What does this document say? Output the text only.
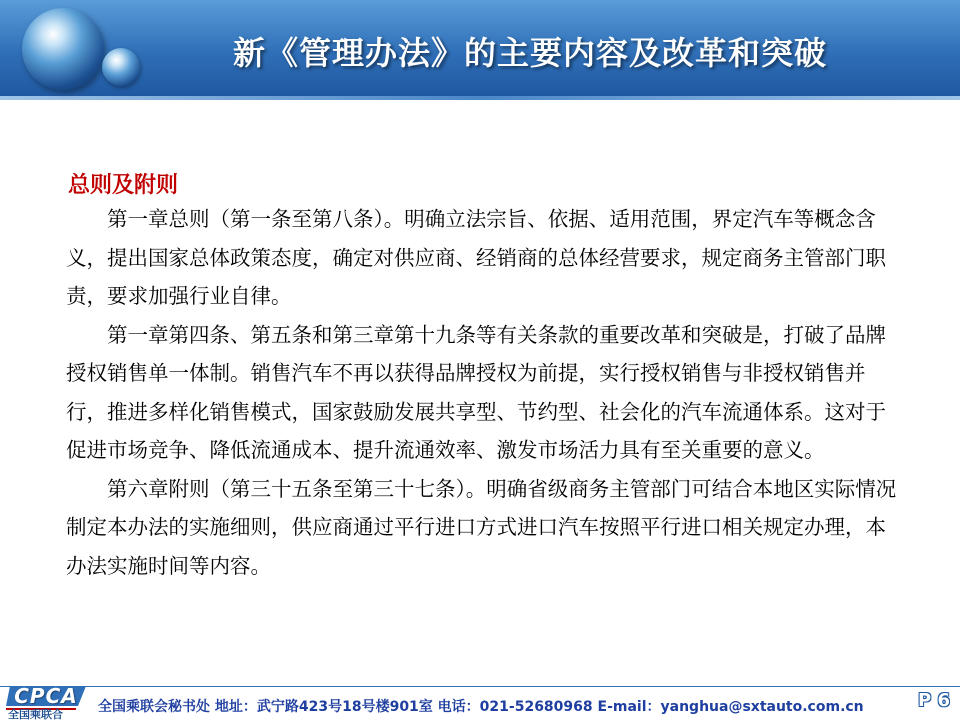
新《管理办法》的主要内容及改革和突破
总则及附则

第一章总则（第一条至第八条）。明确立法宗旨、依据、适用范围，界定汽车等概念含义，提出国家总体政策态度，确定对供应商、经销商的总体经营要求，规定商务主管部门职责，要求加强行业自律。

第一章第四条、第五条和第三章第十九条等有关条款的重要改革和突破是，打破了品牌授权销售单一体制。销售汽车不再以获得品牌授权为前提，实行授权销售与非授权销售并行，推进多样化销售模式，国家鼓励发展共享型、节约型、社会化的汽车流通体系。这对于促进市场竞争、降低流通成本、提升流通效率、激发市场活力具有至关重要的意义。

第六章附则（第三十五条至第三十七条）。明确省级商务主管部门可结合本地区实际情况制定本办法的实施细则，供应商通过平行进口方式进口汽车按照平行进口相关规定办理，本办法实施时间等内容。

CPCA
全国乘联合	全国乘联会秘书处 地址：武宁路423号18号楼901室 电话：021-52680968 E-mail：yanghua@sxtauto.com.cn	P 6
